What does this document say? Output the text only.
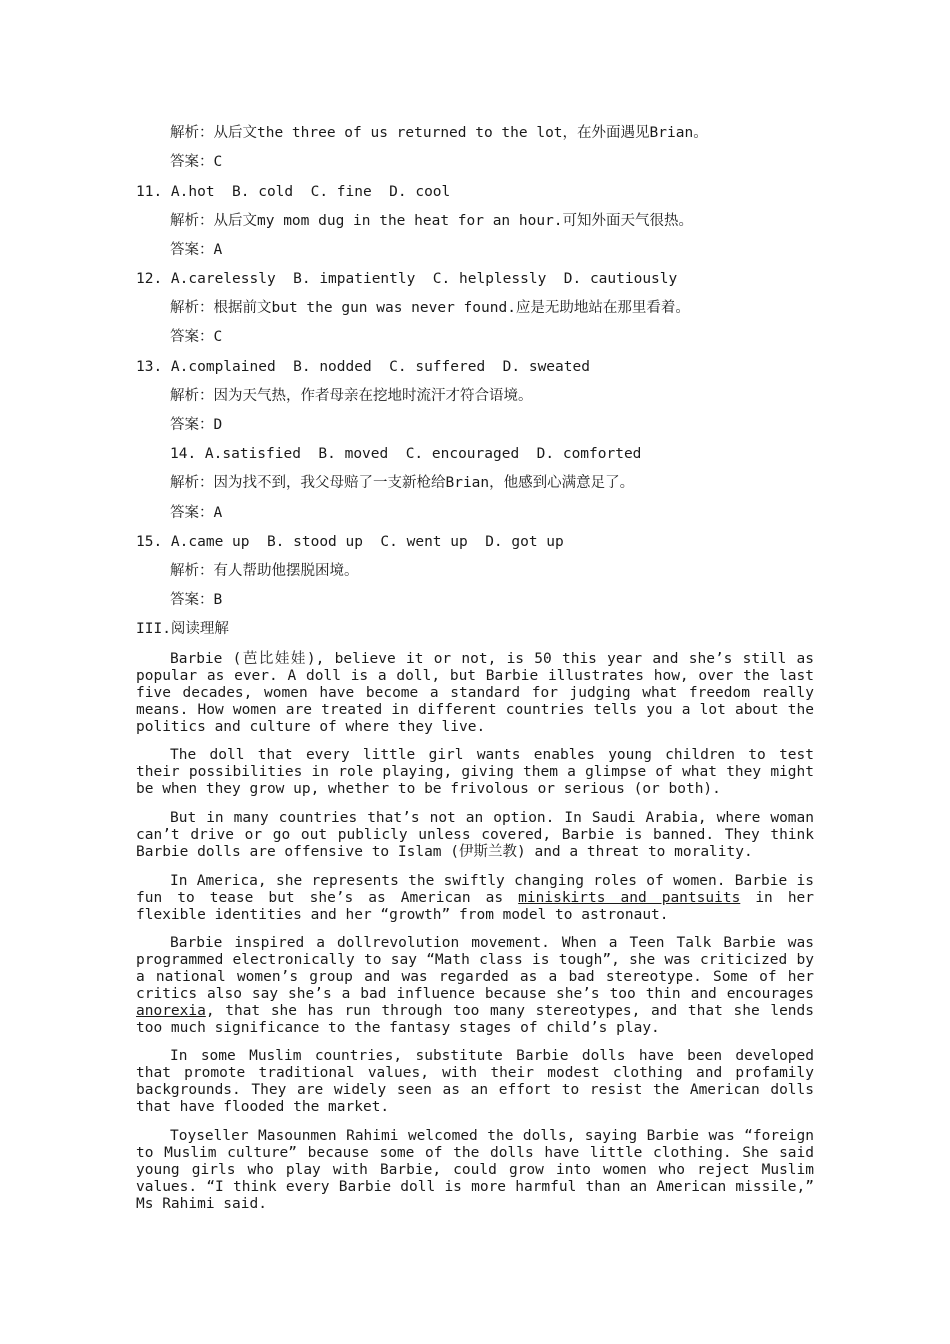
解析：从后文the three of us returned to the lot，在外面遇见Brian。
答案：C
11. A.hot  B. cold  C. fine  D. cool
解析：从后文my mom dug in the heat for an hour.可知外面天气很热。
答案：A
12. A.carelessly  B. impatiently  C. helplessly  D. cautiously
解析：根据前文but the gun was never found.应是无助地站在那里看着。
答案：C
13. A.complained  B. nodded  C. suffered  D. sweated
解析：因为天气热，作者母亲在挖地时流汗才符合语境。
答案：D
14. A.satisfied  B. moved  C. encouraged  D. comforted
解析：因为找不到，我父母赔了一支新枪给Brian，他感到心满意足了。
答案：A
15. A.came up  B. stood up  C. went up  D. got up
解析：有人帮助他摆脱困境。
答案：B
III.阅读理解
Barbie (芭比娃娃), believe it or not, is 50 this year and she’s still as popular as ever. A doll is a doll, but Barbie illustrates how, over the last five decades, women have become a standard for judging what freedom really means. How women are treated in different countries tells you a lot about the politics and culture of where they live.
The doll that every little girl wants enables young children to test their possibilities in role playing, giving them a glimpse of what they might be when they grow up, whether to be frivolous or serious (or both).
But in many countries that’s not an option. In Saudi Arabia, where woman can’t drive or go out publicly unless covered, Barbie is banned. They think Barbie dolls are offensive to Islam (伊斯兰教) and a threat to morality.
In America, she represents the swiftly changing roles of women. Barbie is fun to tease but she’s as American as miniskirts and pantsuits in her flexible identities and her “growth” from model to astronaut.
Barbie inspired a dollrevolution movement. When a Teen Talk Barbie was programmed electronically to say “Math class is tough”, she was criticized by a national women’s group and was regarded as a bad stereotype. Some of her critics also say she’s a bad influence because she’s too thin and encourages anorexia, that she has run through too many stereotypes, and that she lends too much significance to the fantasy stages of child’s play.
In some Muslim countries, substitute Barbie dolls have been developed that promote traditional values, with their modest clothing and profamily backgrounds. They are widely seen as an effort to resist the American dolls that have flooded the market.
Toyseller Masounmen Rahimi welcomed the dolls, saying Barbie was “foreign to Muslim culture” because some of the dolls have little clothing. She said young girls who play with Barbie, could grow into women who reject Muslim values. “I think every Barbie doll is more harmful than an American missile,” Ms Rahimi said.
